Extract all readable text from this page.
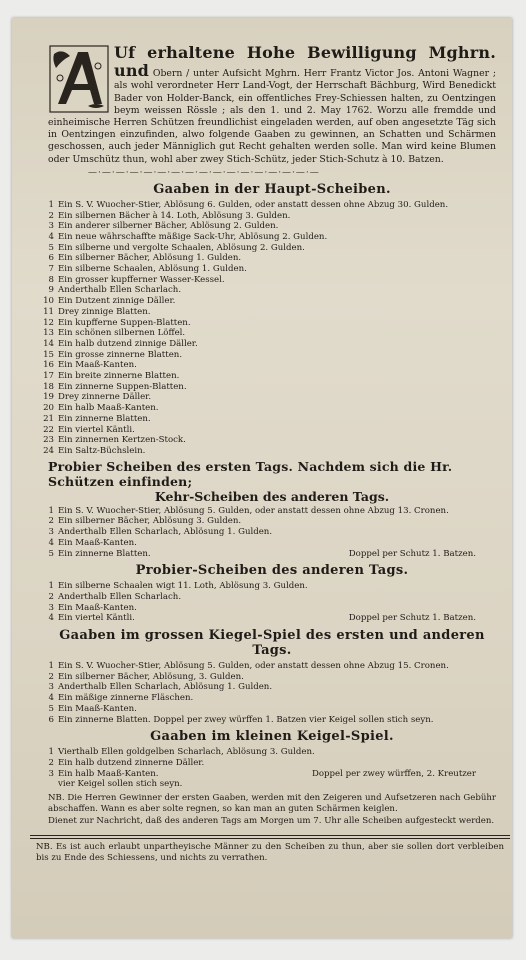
Uf erhaltene Hohe Bewilligung Mghrn. und Obern / unter Aufsicht Mghrn. Herr Frantz Victor Jos. Antoni Wagner ; als wohl verordneter Herr Land-Vogt, der Herrschaft Bächburg, Wird Benedickt Bader von Holder-Banck, ein offentliches Frey-Schiessen halten, zu Oentzingen beym weissen Rössle ; als den 1. und 2. May 1762. Worzu alle fremdde und einheimische Herren Schützen freundlichist eingeladen werden, auf oben angesetzte Täg sich in Oentzingen einzufinden, alwo folgende Gaaben zu gewinnen, an Schatten und Schärmen geschossen, auch jeder Männiglich gut Recht gehalten werden solle. Man wird keine Blumen oder Umschütz thun, wohl aber zwey Stich-Schütz, jeder Stich-Schutz à 10. Batzen.

—·—·—·—·—·—·—·—·—·—·—·—·—·—·—·—·—
Gaaben in der Haupt-Scheiben.
1 Ein S. V. Wuocher-Stier, Ablösung 6. Gulden, oder anstatt dessen ohne Abzug 30. Gulden.
2 Ein silbernen Bächer à 14. Loth, Ablösung 3. Gulden.
3 Ein anderer silberner Bächer, Ablösung 2. Gulden.
4 Ein neue währschaffte mäßige Sack-Uhr, Ablösung 2. Gulden.
5 Ein silberne und vergolte Schaalen, Ablösung 2. Gulden.
6 Ein silberner Bächer, Ablösung 1. Gulden.
7 Ein silberne Schaalen, Ablösung 1. Gulden.
8 Ein grosser kupfferner Wasser-Kessel.
9 Anderthalb Ellen Scharlach.
10 Ein Dutzent zinnige Däller.
11 Drey zinnige Blatten.
12 Ein kupfferne Suppen-Blatten.
13 Ein schönen silbernen Löffel.
14 Ein halb dutzend zinnige Däller.
15 Ein grosse zinnerne Blatten.
16 Ein Maaß-Kanten.
17 Ein breite zinnerne Blatten.
18 Ein zinnerne Suppen-Blatten.
19 Drey zinnerne Däller.
20 Ein halb Maaß-Kanten.
21 Ein zinnerne Blatten.
22 Ein viertel Käntli.
23 Ein zinnernen Kertzen-Stock.
24 Ein Saltz-Büchslein.
Probier Scheiben des ersten Tags. Nachdem sich die Hr. Schützen einfinden;
Kehr-Scheiben des anderen Tags.
1 Ein S. V. Wuocher-Stier, Ablösung 5. Gulden, oder anstatt dessen ohne Abzug 13. Cronen.
2 Ein silberner Bächer, Ablösung 3. Gulden.
3 Anderthalb Ellen Scharlach, Ablösung 1. Gulden.
4 Ein Maaß-Kanten.
5 Ein zinnerne Blatten.	Doppel per Schutz 1. Batzen.
Probier-Scheiben des anderen Tags.
1 Ein silberne Schaalen wigt 11. Loth, Ablösung 3. Gulden.
2 Anderthalb Ellen Scharlach.
3 Ein Maaß-Kanten.
4 Ein viertel Käntli.	Doppel per Schutz 1. Batzen.
Gaaben im grossen Kiegel-Spiel des ersten und anderen Tags.
1 Ein S. V. Wuocher-Stier, Ablösung 5. Gulden, oder anstatt dessen ohne Abzug 15. Cronen.
2 Ein silberner Bächer, Ablösung, 3. Gulden.
3 Anderthalb Ellen Scharlach, Ablösung 1. Gulden.
4 Ein mäßige zinnerne Fläschen.
5 Ein Maaß-Kanten.
6 Ein zinnerne Blatten. Doppel per zwey würffen 1. Batzen vier Keigel sollen stich seyn.
Gaaben im kleinen Keigel-Spiel.
1 Vierthalb Ellen goldgelben Scharlach, Ablösung 3. Gulden.
2 Ein halb dutzend zinnerne Däller.
3 Ein halb Maaß-Kanten.	Doppel per zwey würffen, 2. Kreutzer
vier Keigel sollen stich seyn.

NB. Die Herren Gewinner der ersten Gaaben, werden mit den Zeigeren und Aufsetzeren nach Gebühr abschaffen. Wann es aber solte regnen, so kan man an guten Schärmen keiglen.

Dienet zur Nachricht, daß des anderen Tags am Morgen um 7. Uhr alle Scheiben aufgesteckt werden.

NB. Es ist auch erlaubt unpartheyische Männer zu den Scheiben zu thun, aber sie sollen dort verbleiben bis zu Ende des Schiessens, und nichts zu verrathen.
